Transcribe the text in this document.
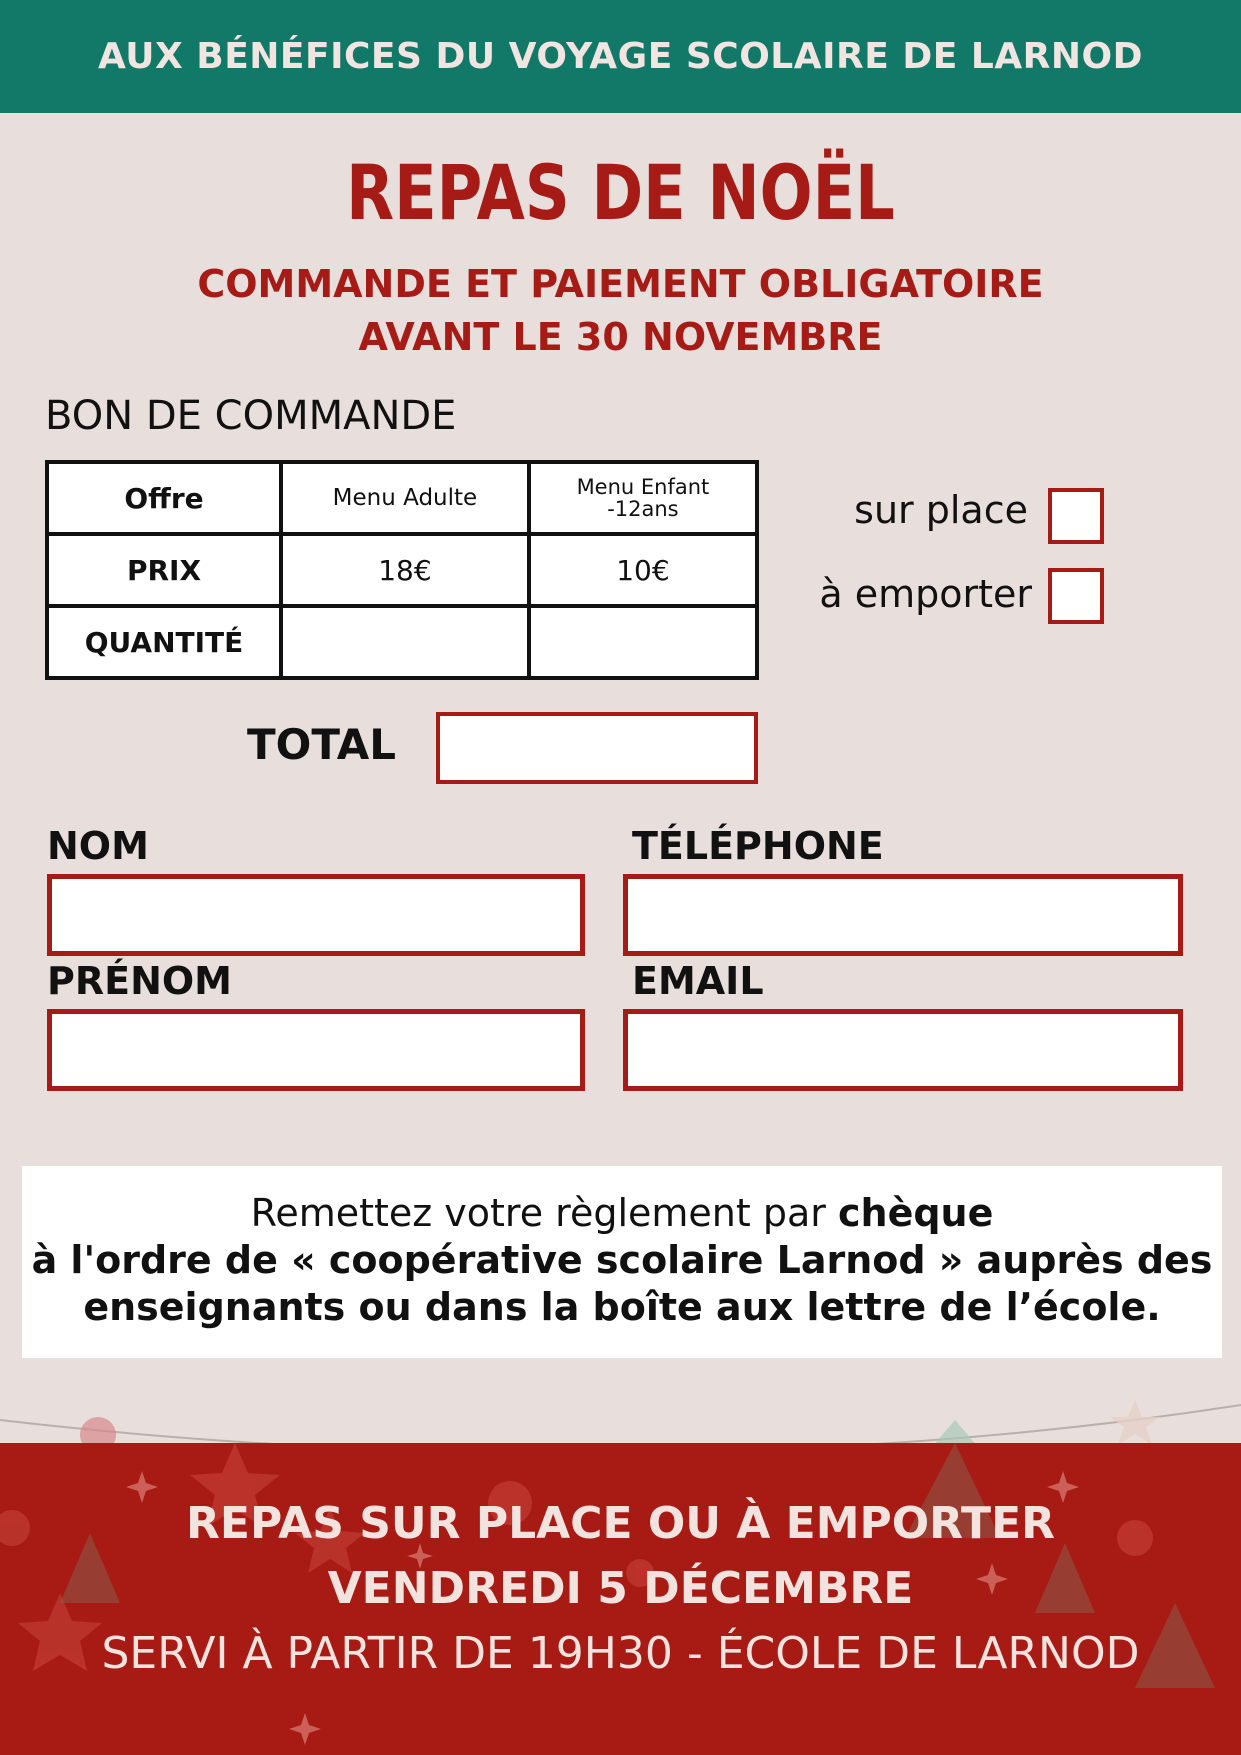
AUX BÉNÉFICES DU VOYAGE SCOLAIRE DE LARNOD
REPAS DE NOËL
COMMANDE ET PAIEMENT OBLIGATOIRE
AVANT LE 30 NOVEMBRE
BON DE COMMANDE
Offre	Menu Adulte	Menu Enfant
-12ans

PRIX	18€	10€
QUANTITÉ		
TOTAL
sur place
à emporter
NOM	TÉLÉPHONE
PRÉNOM	EMAIL
Remettez votre règlement par chèque
à l'ordre de « coopérative scolaire Larnod » auprès des
enseignants ou dans la boîte aux lettre de l’école.
REPAS SUR PLACE OU À EMPORTER
VENDREDI 5 DÉCEMBRE
SERVI À PARTIR DE 19H30 - ÉCOLE DE LARNOD
